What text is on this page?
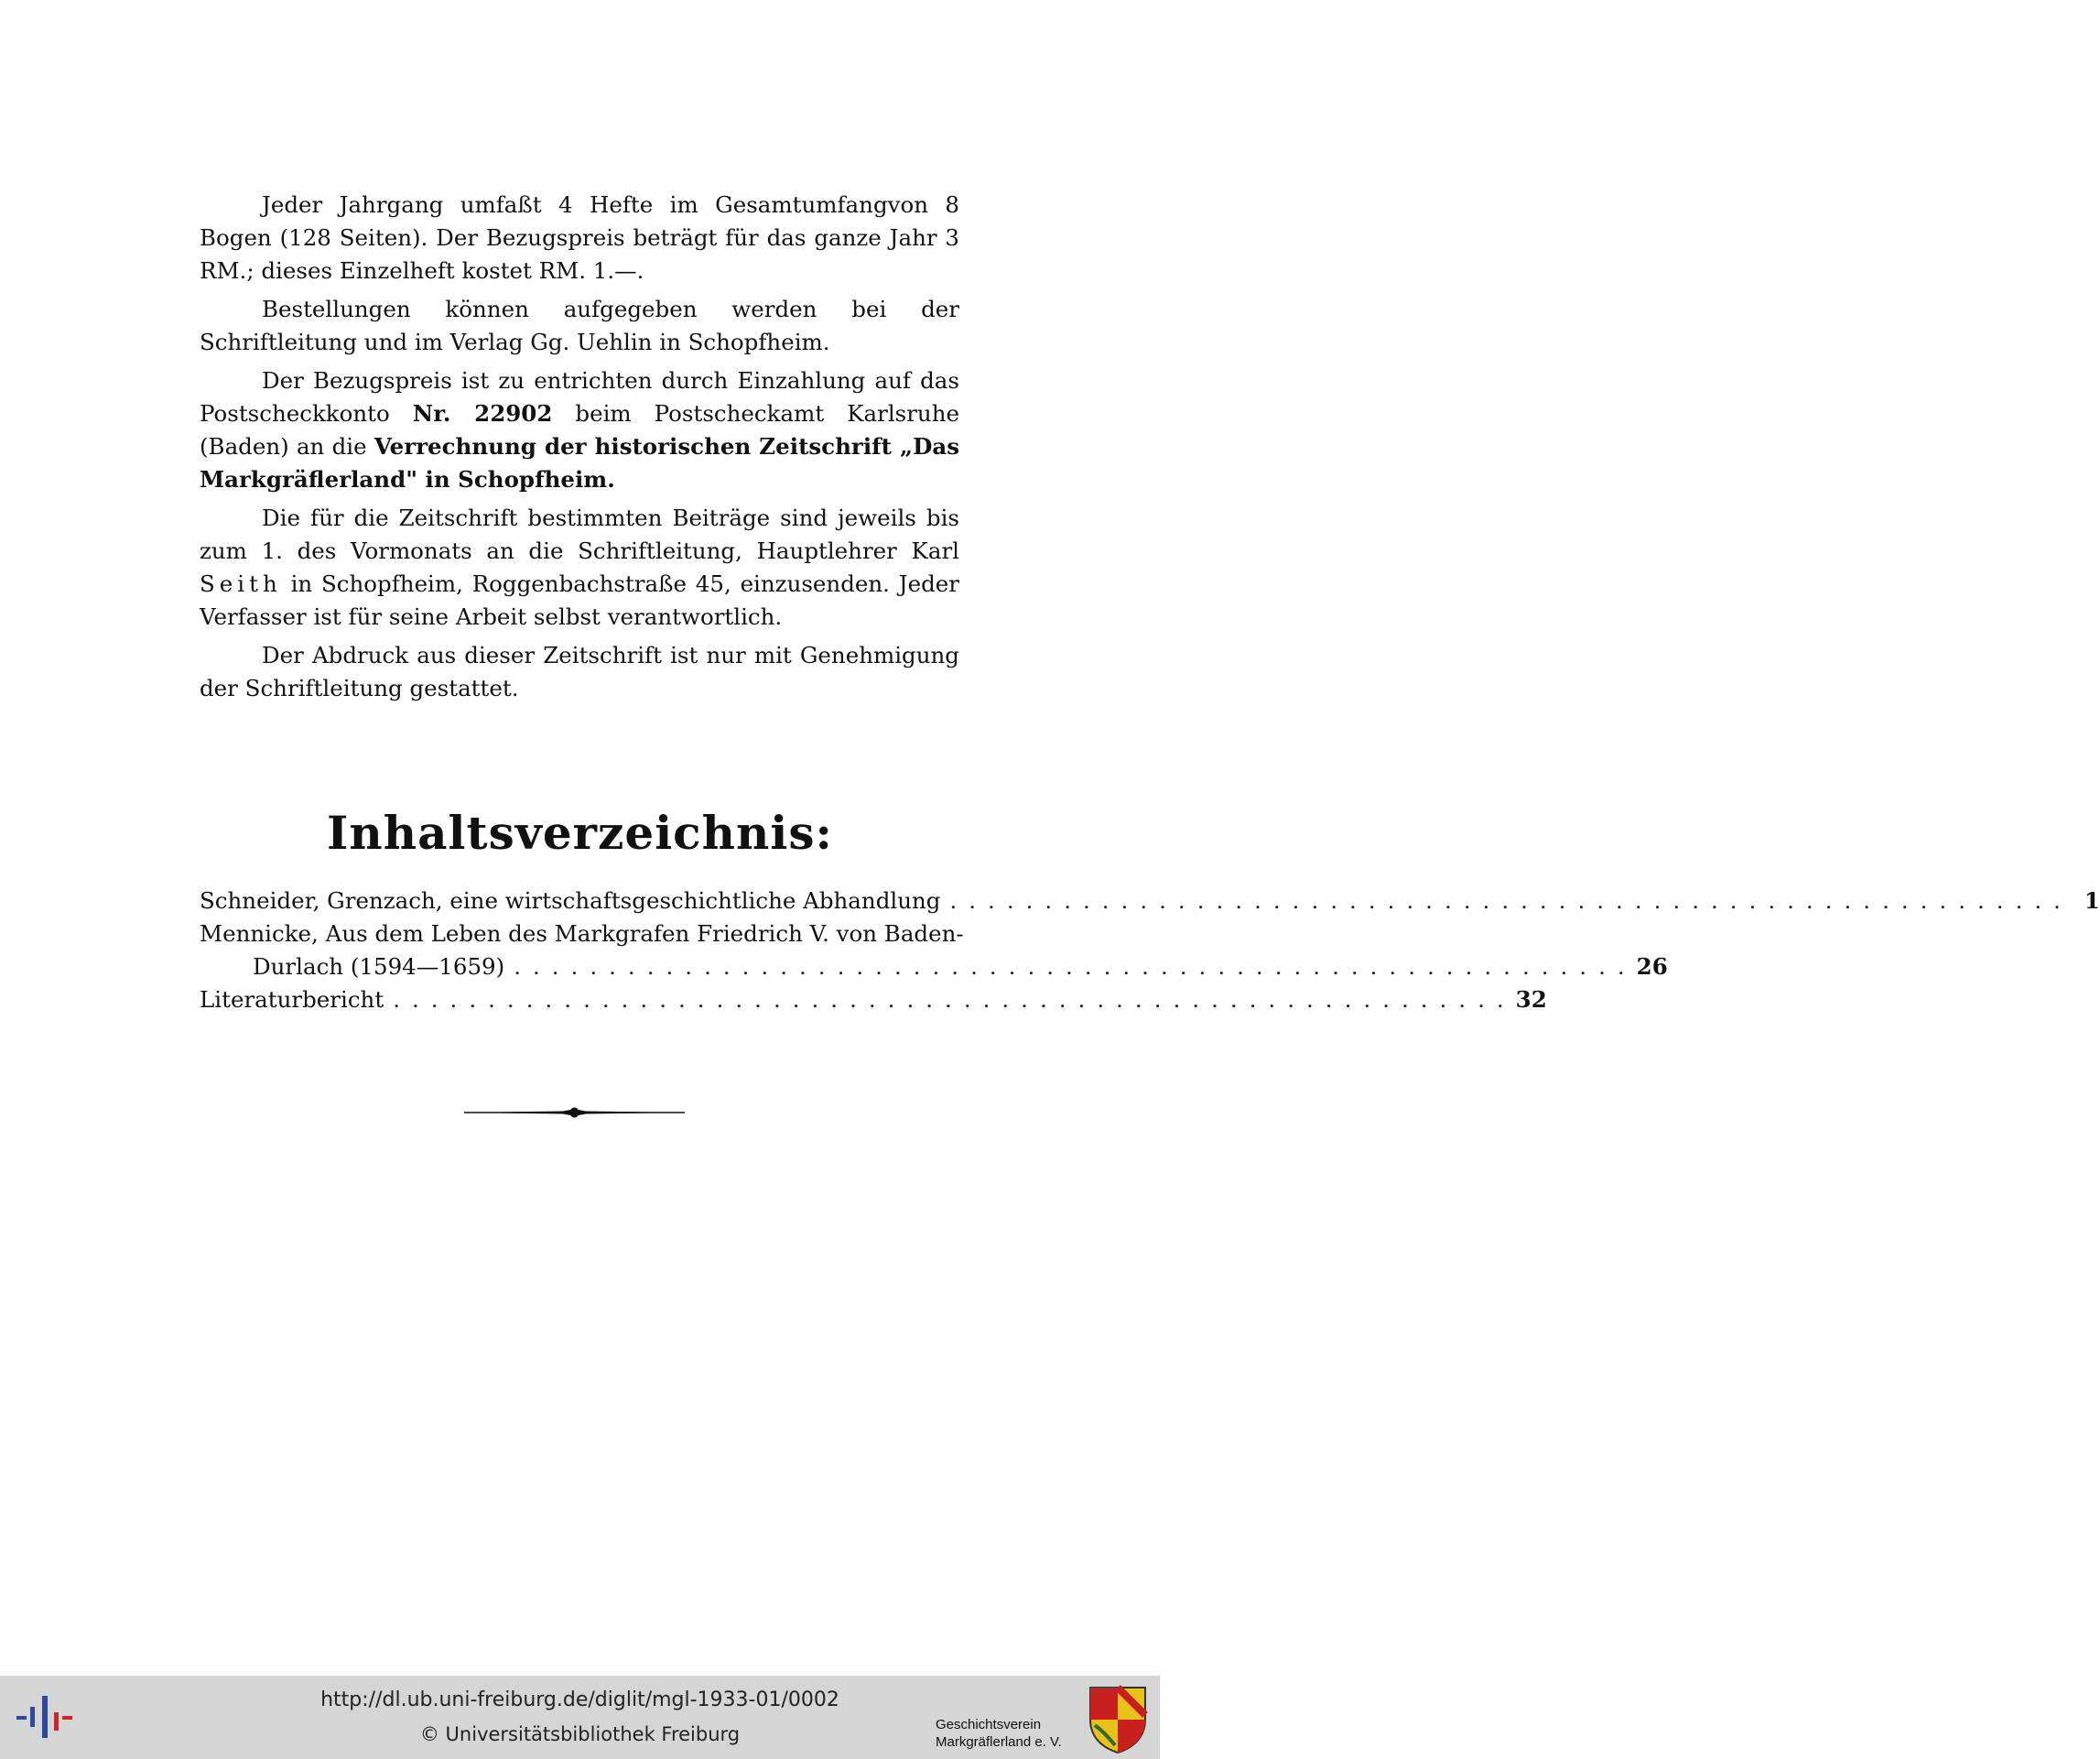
Jeder Jahrgang umfaßt 4 Hefte im Gesamtumfangvon 8 Bogen (128 Seiten). Der Bezugspreis beträgt für das ganze Jahr 3 RM.; dieses Einzelheft kostet RM. 1.—.

Bestellungen können aufgegeben werden bei der Schriftleitung und im Verlag Gg. Uehlin in Schopfheim.

Der Bezugspreis ist zu entrichten durch Einzahlung auf das Postscheckkonto Nr. 22902 beim Postscheckamt Karlsruhe (Baden) an die Verrechnung der historischen Zeitschrift „Das Markgräflerland" in Schopfheim.

Die für die Zeitschrift bestimmten Beiträge sind jeweils bis zum 1. des Vormonats an die Schriftleitung, Hauptlehrer Karl Seith in Schopfheim, Roggenbachstraße 45, einzusenden. Jeder Verfasser ist für seine Arbeit selbst verantwortlich.

Der Abdruck aus dieser Zeitschrift ist nur mit Genehmigung der Schriftleitung gestattet.

Inhaltsverzeichnis:
Schneider, Grenzach, eine wirtschaftsgeschichtliche Abhandlung ........................................................... 1
Mennicke, Aus dem Leben des Markgrafen Friedrich V. von Baden-
Durlach (1594—1659) ........................................................... 26
Literaturbericht ........................................................... 32
http://dl.ub.uni-freiburg.de/diglit/mgl-1933-01/0002
© Universitätsbibliothek Freiburg	Geschichtsverein
Markgräflerland e. V.
